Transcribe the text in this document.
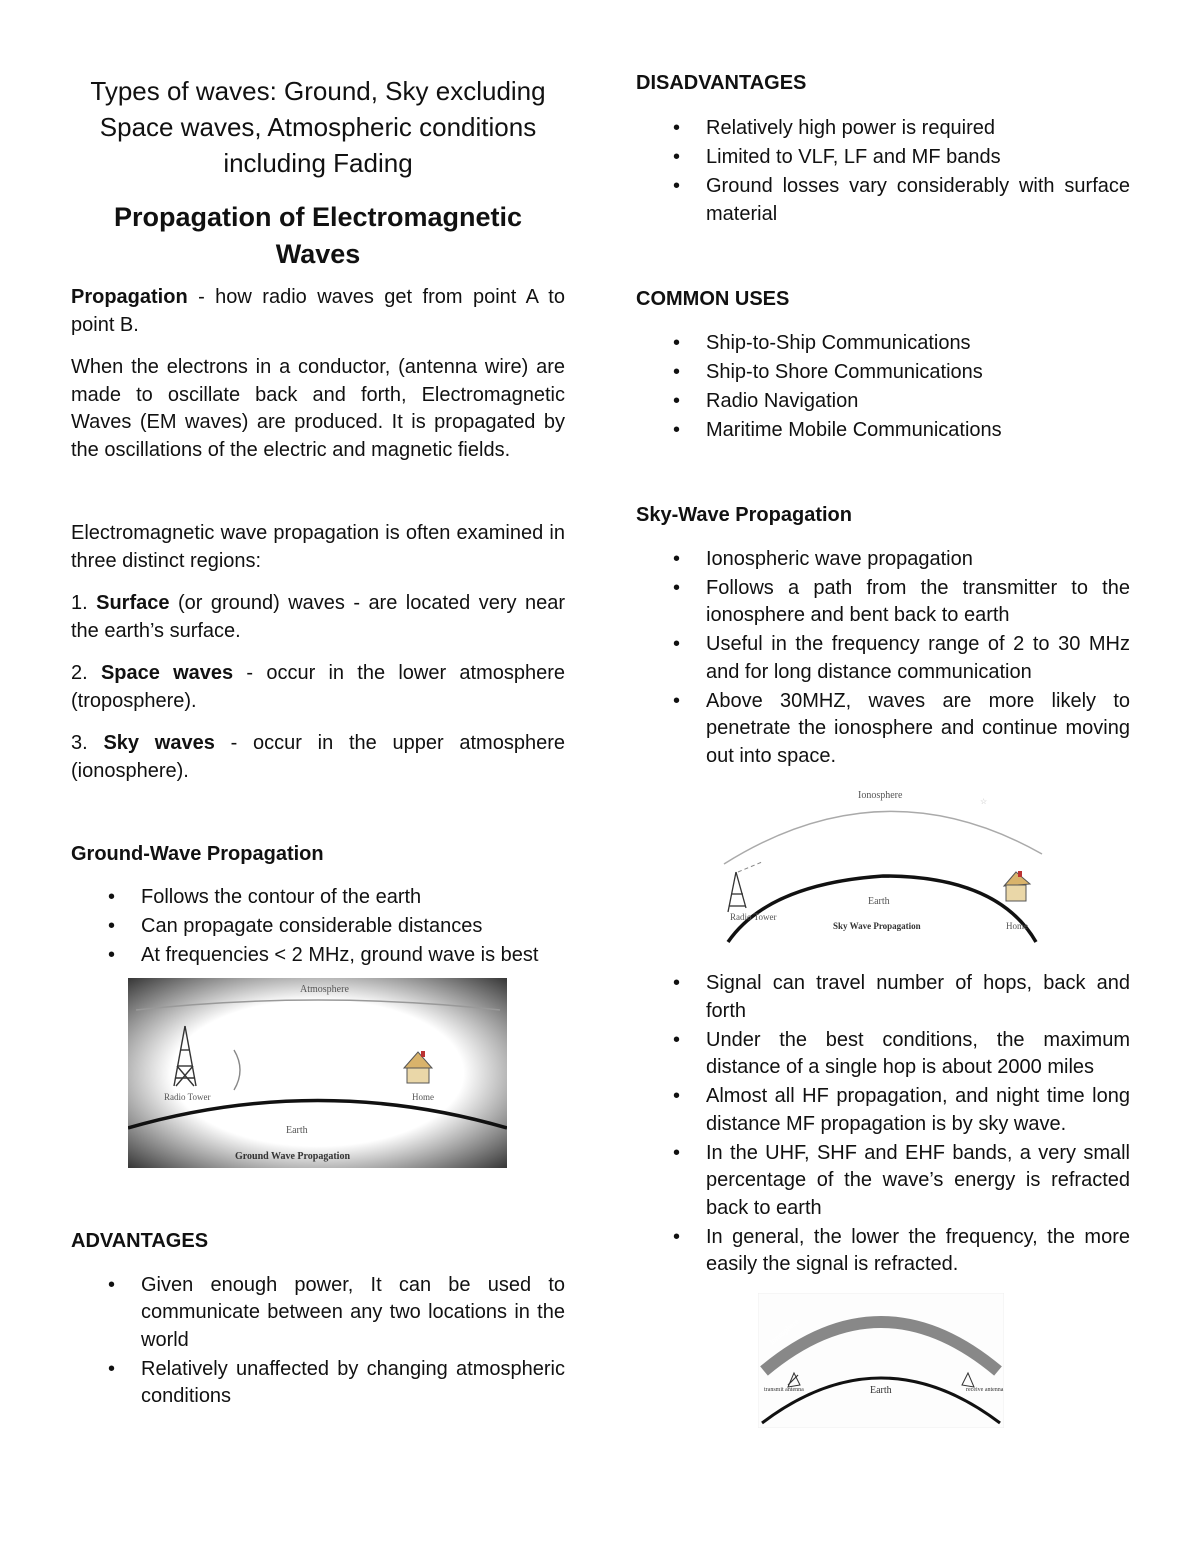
Types of waves: Ground, Sky excluding Space waves, Atmospheric conditions including Fading

Propagation of Electromagnetic Waves

Propagation - how radio waves get from point A to point B.

When the electrons in a conductor, (antenna wire) are made to oscillate back and forth, Electromagnetic Waves (EM waves) are produced. It is propagated by the oscillations of the electric and magnetic fields.

Electromagnetic wave propagation is often examined in three distinct regions:

1. Surface (or ground) waves - are located very near the earth’s surface.

2. Space waves - occur in the lower atmosphere (troposphere).

3. Sky waves - occur in the upper atmosphere (ionosphere).

Ground-Wave Propagation

• Follows the contour of the earth
• Can propagate considerable distances
• At frequencies < 2 MHz, ground wave is best
Atmosphere
Radio Tower	Home
Earth
Ground Wave Propagation

ADVANTAGES

• Given enough power, It can be used to communicate between any two locations in the world
• Relatively unaffected by changing atmospheric conditions

DISADVANTAGES

• Relatively high power is required
• Limited to VLF, LF and MF bands
• Ground losses vary considerably with surface material

COMMON USES

• Ship-to-Ship Communications
• Ship-to Shore Communications
• Radio Navigation
• Maritime Mobile Communications

Sky-Wave Propagation

• Ionospheric wave propagation
• Follows a path from the transmitter to the ionosphere and bent back to earth
• Useful in the frequency range of 2 to 30 MHz and for long distance communication
• Above 30MHZ, waves are more likely to penetrate the ionosphere and continue moving out into space.
Ionosphere
☆
Radio Tower
Earth
Sky Wave Propagation	Home
• Signal can travel number of hops, back and forth
• Under the best conditions, the maximum distance of a single hop is about 2000 miles
• Almost all HF propagation, and night time long distance MF propagation is by sky wave.
• In the UHF, SHF and EHF bands, a very small percentage of the wave’s energy is refracted back to earth
• In general, the lower the frequency, the more easily the signal is refracted.
Ionosphere
transmit antenna	Earth	receive antenna
